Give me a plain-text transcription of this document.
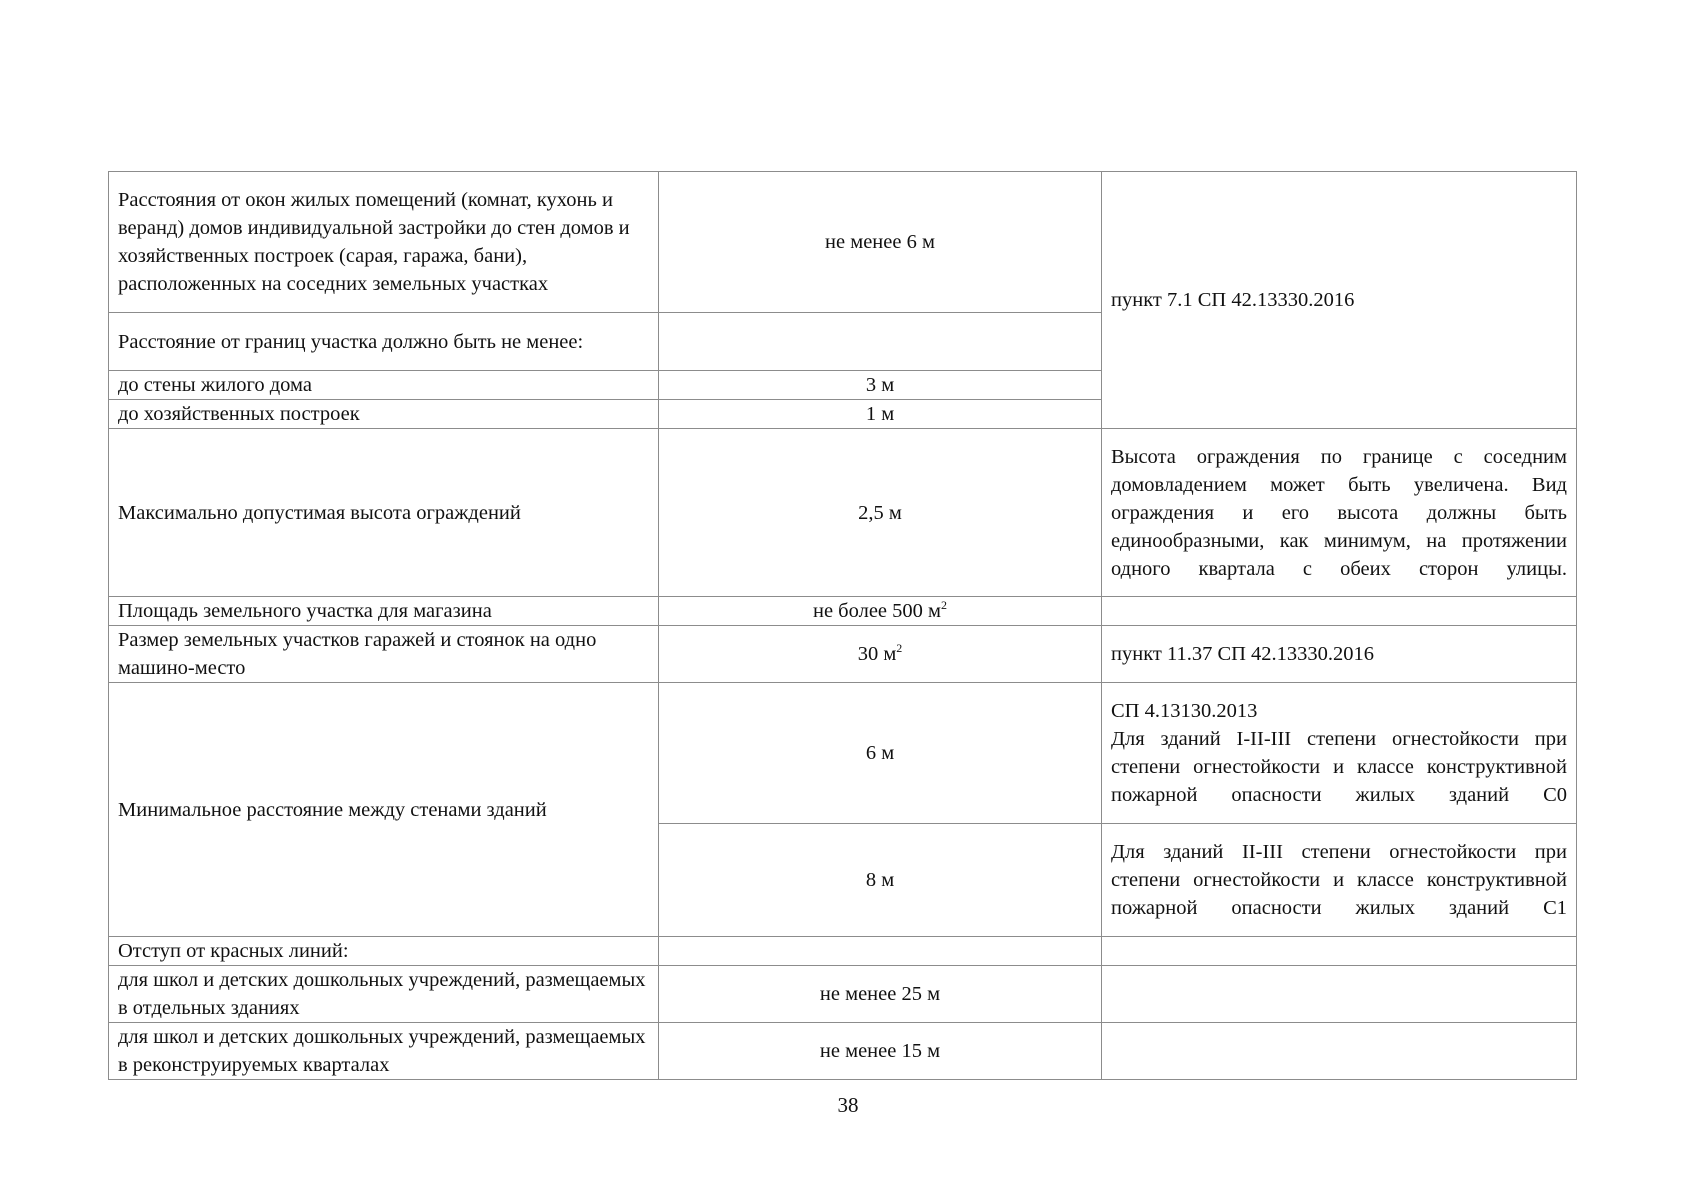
Расстояния от окон жилых помещений (комнат, кухонь и веранд) домов индивидуальной застройки до стен домов и хозяйственных построек (сарая, гаража, бани), расположенных на соседних земельных участках	не менее 6 м	пункт 7.1 СП 42.13330.2016
Расстояние от границ участка должно быть не менее:		
до стены жилого дома	3 м	
до хозяйственных построек	1 м	
Максимально допустимая высота ограждений	2,5 м	Высота ограждения по границе с соседним домовладением может быть увеличена. Вид ограждения и его высота должны быть единообразными, как минимум, на протяжении одного квартала с обеих сторон улицы.

Площадь земельного участка для магазина	не более 500 $м^2$	
Размер земельных участков гаражей и стоянок на одно машино-место	30 $м^2$	пункт 11.37 СП 42.13330.2016
Минимальное расстояние между стенами зданий	6 м	СП 4.13130.2013
Для зданий I-II-III степени огнестойкости при степени огнестойкости и классе конструктивной пожарной опасности жилых зданий С0

	8 м	Для зданий II-III степени огнестойкости при степени огнестойкости и классе конструктивной пожарной опасности жилых зданий С1

Отступ от красных линий:		
для школ и детских дошкольных учреждений, размещаемых в отдельных зданиях	не менее 25 м	
для школ и детских дошкольных учреждений, размещаемых в реконструируемых кварталах	не менее 15 м	
38
